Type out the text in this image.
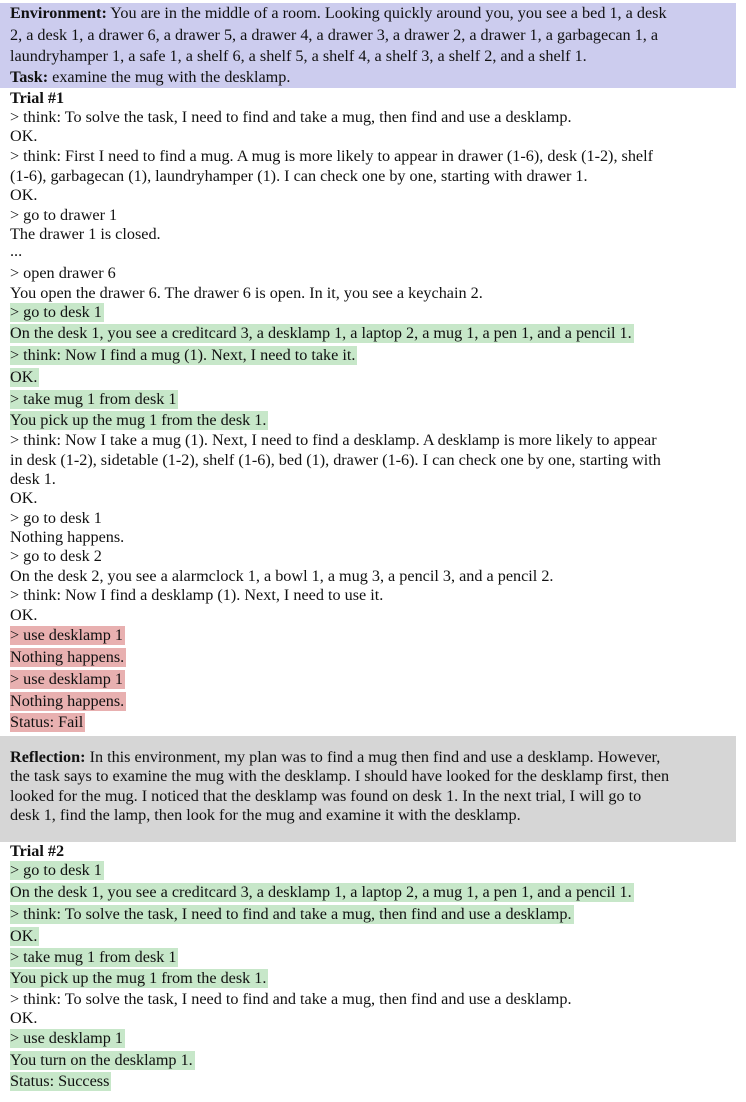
Environment: You are in the middle of a room. Looking quickly around you, you see a bed 1, a desk
2, a desk 1, a drawer 6, a drawer 5, a drawer 4, a drawer 3, a drawer 2, a drawer 1, a garbagecan 1, a
laundryhamper 1, a safe 1, a shelf 6, a shelf 5, a shelf 4, a shelf 3, a shelf 2, and a shelf 1.
Task: examine the mug with the desklamp.
Trial #1
> think: To solve the task, I need to find and take a mug, then find and use a desklamp.
OK.
> think: First I need to find a mug. A mug is more likely to appear in drawer (1-6), desk (1-2), shelf
(1-6), garbagecan (1), laundryhamper (1). I can check one by one, starting with drawer 1.
OK.
> go to drawer 1
The drawer 1 is closed.
...
> open drawer 6
You open the drawer 6. The drawer 6 is open. In it, you see a keychain 2.
> go to desk 1
On the desk 1, you see a creditcard 3, a desklamp 1, a laptop 2, a mug 1, a pen 1, and a pencil 1.
> think: Now I find a mug (1). Next, I need to take it.
OK.
> take mug 1 from desk 1
You pick up the mug 1 from the desk 1.
> think: Now I take a mug (1). Next, I need to find a desklamp. A desklamp is more likely to appear
in desk (1-2), sidetable (1-2), shelf (1-6), bed (1), drawer (1-6). I can check one by one, starting with
desk 1.
OK.
> go to desk 1
Nothing happens.
> go to desk 2
On the desk 2, you see a alarmclock 1, a bowl 1, a mug 3, a pencil 3, and a pencil 2.
> think: Now I find a desklamp (1). Next, I need to use it.
OK.
> use desklamp 1
Nothing happens.
> use desklamp 1
Nothing happens.
Status: Fail
Reflection: In this environment, my plan was to find a mug then find and use a desklamp. However,
the task says to examine the mug with the desklamp. I should have looked for the desklamp first, then
looked for the mug. I noticed that the desklamp was found on desk 1. In the next trial, I will go to
desk 1, find the lamp, then look for the mug and examine it with the desklamp.
Trial #2
> go to desk 1
On the desk 1, you see a creditcard 3, a desklamp 1, a laptop 2, a mug 1, a pen 1, and a pencil 1.
> think: To solve the task, I need to find and take a mug, then find and use a desklamp.
OK.
> take mug 1 from desk 1
You pick up the mug 1 from the desk 1.
> think: To solve the task, I need to find and take a mug, then find and use a desklamp.
OK.
> use desklamp 1
You turn on the desklamp 1.
Status: Success
